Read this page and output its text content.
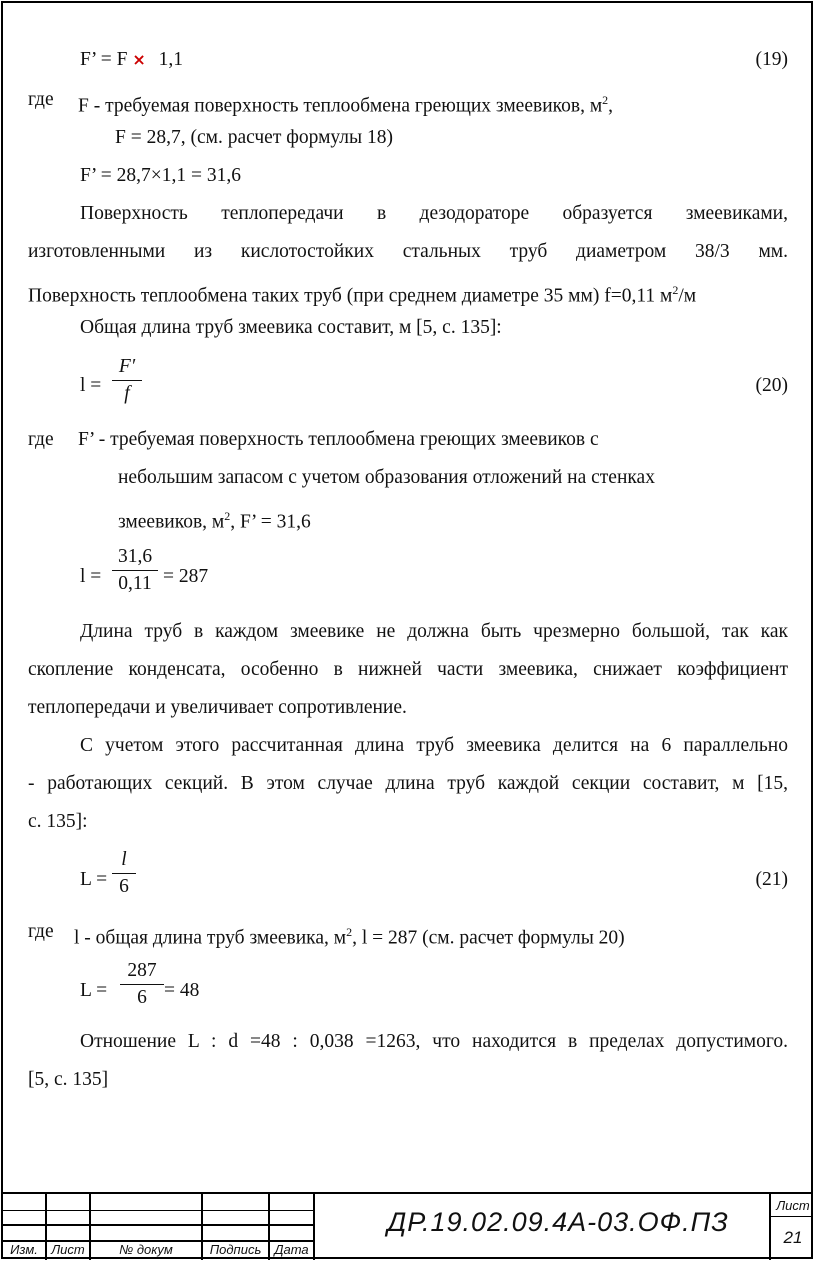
F’ = F × 1,1	(19)
где F - требуемая поверхность теплообмена греющих змеевиков, $м^2$,
F = 28,7, (см. расчет формулы 18)
F’ = 28,7×1,1 = 31,6
Поверхность теплопередачи в дезодораторе образуется змеевиками,
изготовленными из кислотостойких стальных труб диаметром 38/3 мм.
Поверхность теплообмена таких труб (при среднем диаметре 35 мм) f=0,11 $м^2/м$
Общая длина труб змеевика составит, м [5, с. 135]:
l =
F′
f	(20)
где F’ - требуемая поверхность теплообмена греющих змеевиков с
небольшим запасом с учетом образования отложений на стенках
змеевиков, $м^2$, F’ = 31,6
l =
31,6
0,11 = 287
Длина труб в каждом змеевике не должна быть чрезмерно большой, так как
скопление конденсата, особенно в нижней части змеевика, снижает коэффициент
теплопередачи и увеличивает сопротивление.
С учетом этого рассчитанная длина труб змеевика делится на 6 параллельно
- работающих секций. В этом случае длина труб каждой секции составит, м [15,
с. 135]:
L =
l
6	(21)
где l - общая длина труб змеевика, $м^2$, l = 287 (см. расчет формулы 20)
L =
287
6 = 48
Отношение L : d =48 : 0,038 =1263, что находится в пределах допустимого.
[5, с. 135]
Изм.	Лист	№ докум	Подпись	Дата
ДР.19.02.09.4А-03.ОФ.ПЗ
Лист
21
